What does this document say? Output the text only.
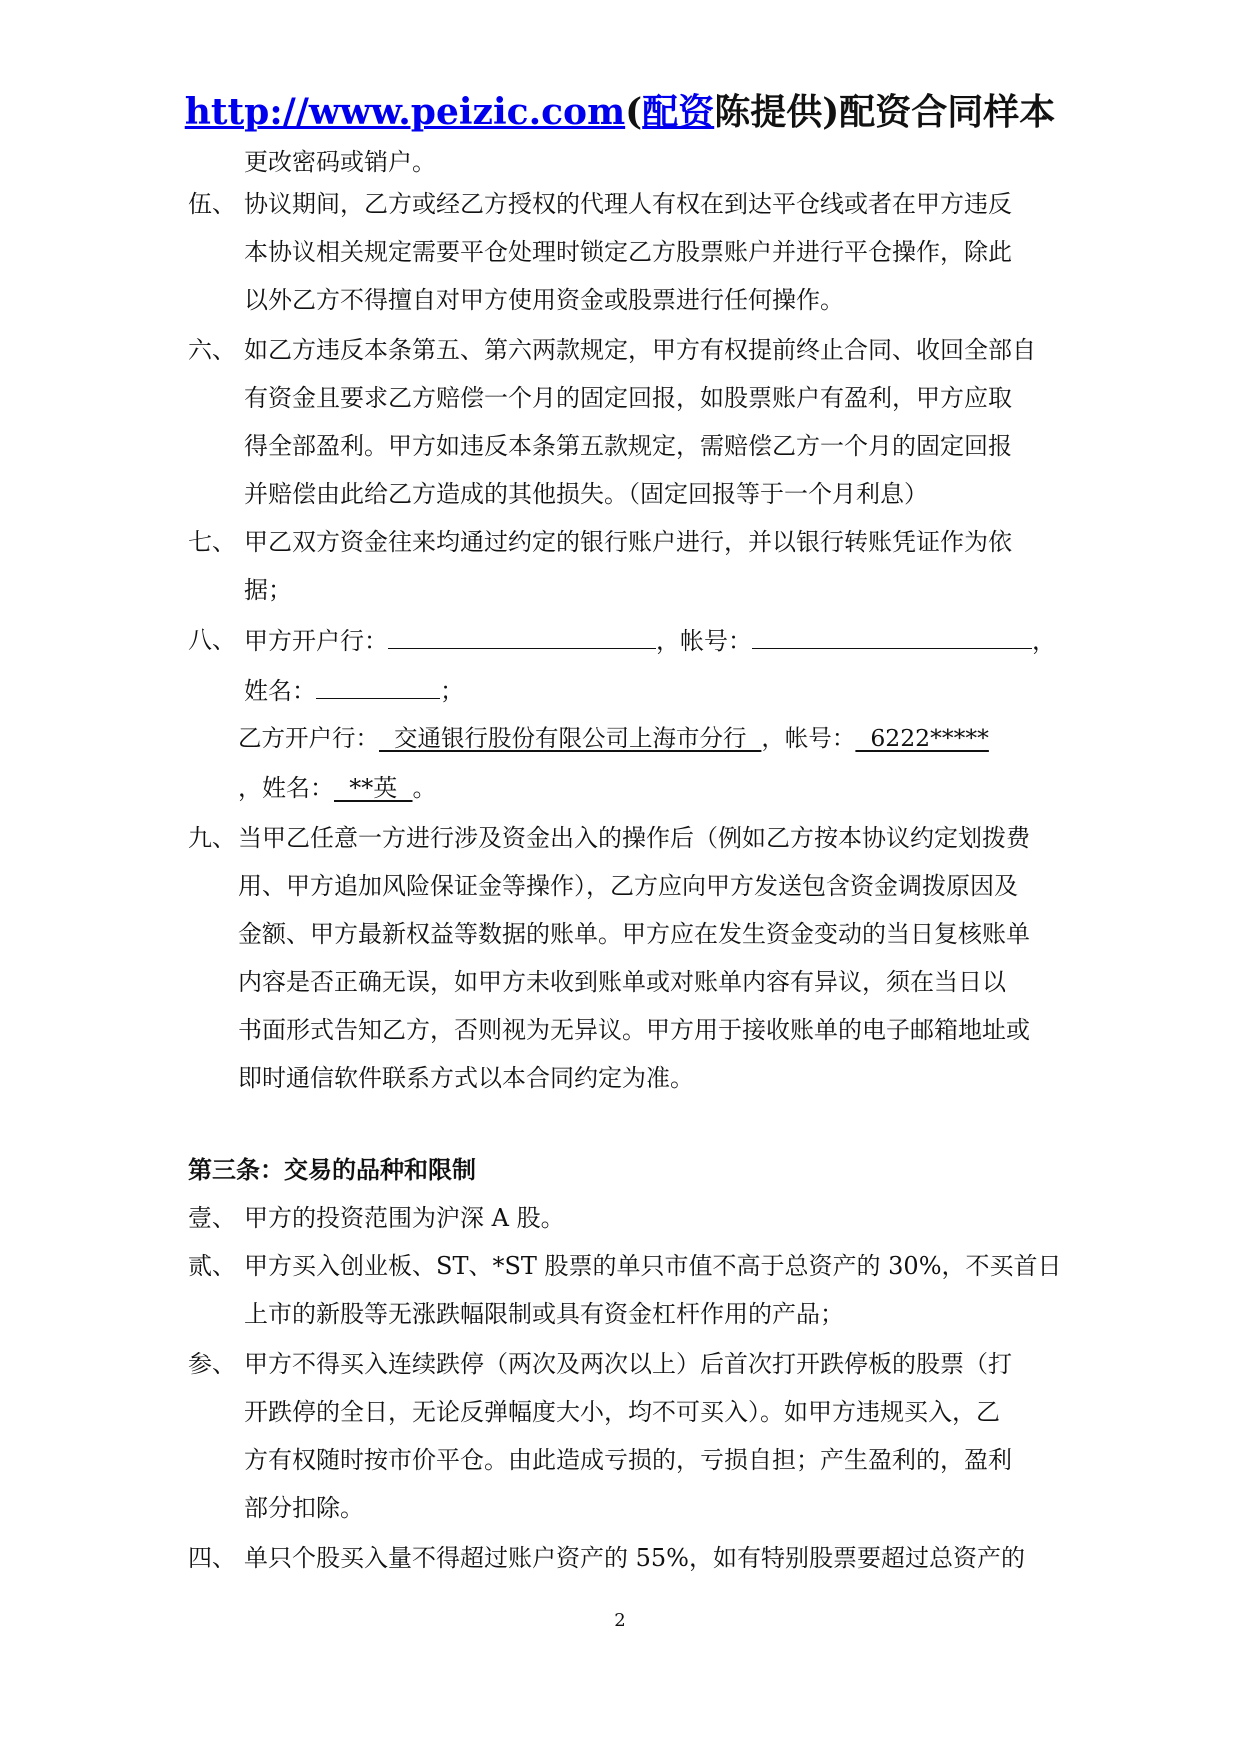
http://www.peizic.com(配资陈提供)配资合同样本
更改密码或销户。
伍、 协议期间，乙方或经乙方授权的代理人有权在到达平仓线或者在甲方违反
本协议相关规定需要平仓处理时锁定乙方股票账户并进行平仓操作，除此
以外乙方不得擅自对甲方使用资金或股票进行任何操作。
六、 如乙方违反本条第五、第六两款规定，甲方有权提前终止合同、收回全部自
有资金且要求乙方赔偿一个月的固定回报，如股票账户有盈利，甲方应取
得全部盈利。甲方如违反本条第五款规定，需赔偿乙方一个月的固定回报
并赔偿由此给乙方造成的其他损失。（固定回报等于一个月利息）
七、 甲乙双方资金往来均通过约定的银行账户进行，并以银行转账凭证作为依
据；
八、 甲方开户行：	，帐号：	，
姓名：	；
乙方开户行：  交通银行股份有限公司上海市分行  ，帐号：  6222*****
，姓名：  **英  。
九、 当甲乙任意一方进行涉及资金出入的操作后（例如乙方按本协议约定划拨费
用、甲方追加风险保证金等操作），乙方应向甲方发送包含资金调拨原因及
金额、甲方最新权益等数据的账单。甲方应在发生资金变动的当日复核账单
内容是否正确无误，如甲方未收到账单或对账单内容有异议，须在当日以
书面形式告知乙方，否则视为无异议。甲方用于接收账单的电子邮箱地址或
即时通信软件联系方式以本合同约定为准。
第三条：交易的品种和限制
壹、 甲方的投资范围为沪深 A 股。
贰、 甲方买入创业板、ST、*ST 股票的单只市值不高于总资产的 30%，不买首日
上市的新股等无涨跌幅限制或具有资金杠杆作用的产品；
参、 甲方不得买入连续跌停（两次及两次以上）后首次打开跌停板的股票（打
开跌停的全日，无论反弹幅度大小，均不可买入）。如甲方违规买入，乙
方有权随时按市价平仓。由此造成亏损的，亏损自担；产生盈利的，盈利
部分扣除。
四、 单只个股买入量不得超过账户资产的 55%，如有特别股票要超过总资产的
2
